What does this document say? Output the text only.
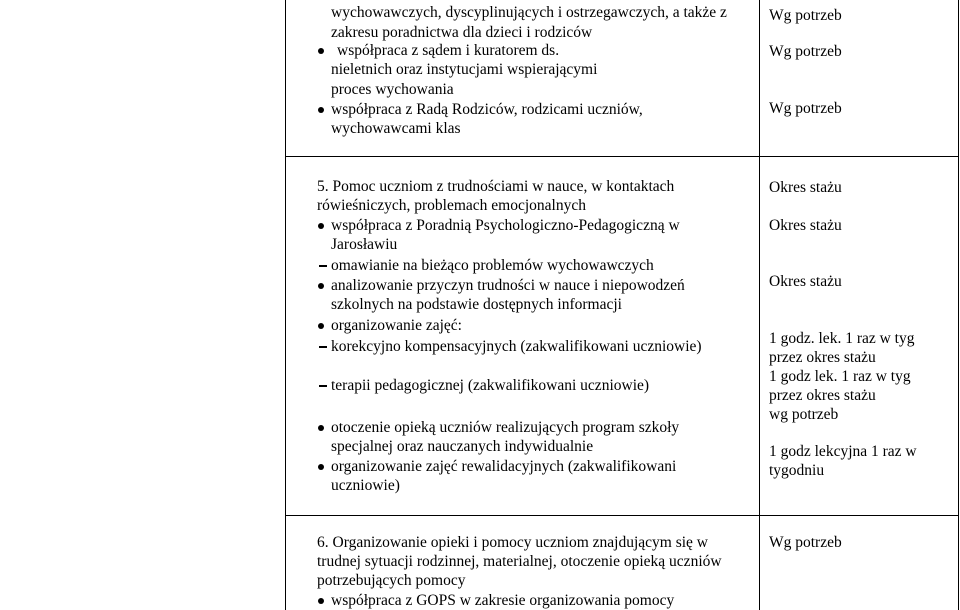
wychowawczych, dyscyplinujących i ostrzegawczych, a także z
zakresu poradnictwa dla dzieci i rodziców
współpraca z sądem i kuratorem ds.
nieletnich oraz instytucjami wspierającymi
proces wychowania
współpraca z Radą Rodziców, rodzicami uczniów,
wychowawcami klas
Wg potrzeb
Wg potrzeb
Wg potrzeb
5. Pomoc uczniom z trudnościami w nauce, w kontaktach
rówieśniczych, problemach emocjonalnych
współpraca z Poradnią Psychologiczno-Pedagogiczną w
Jarosławiu
omawianie na bieżąco problemów wychowawczych
analizowanie przyczyn trudności w nauce i niepowodzeń
szkolnych na podstawie dostępnych informacji
organizowanie zajęć:
korekcyjno kompensacyjnych (zakwalifikowani uczniowie)
terapii pedagogicznej (zakwalifikowani uczniowie)
otoczenie opieką uczniów realizujących program szkoły
specjalnej oraz nauczanych indywidualnie
organizowanie zajęć rewalidacyjnych (zakwalifikowani
uczniowie)
Okres stażu
Okres stażu
Okres stażu
1 godz. lek. 1 raz w tyg
przez okres stażu
1 godz lek. 1 raz w tyg
przez okres stażu
wg potrzeb
1 godz lekcyjna 1 raz w
tygodniu
6. Organizowanie opieki i pomocy uczniom znajdującym się w
trudnej sytuacji rodzinnej, materialnej, otoczenie opieką uczniów
potrzebujących pomocy
współpraca z GOPS w zakresie organizowania pomocy
Wg potrzeb
